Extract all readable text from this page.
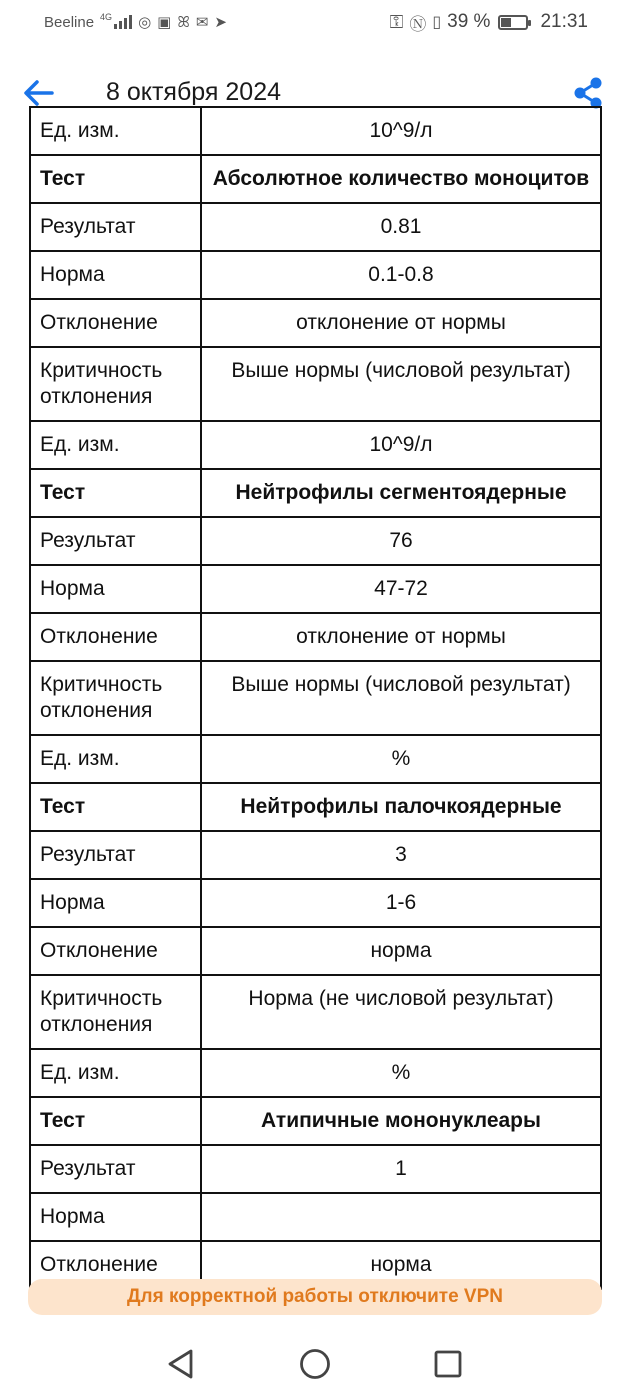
Beeline 4G ◎ ▣ ꕤ ✉ ➤	⚿ Ⓝ ▯ 39 %	21:31
8 октября 2024
Ед. изм.	10^9/л
Тест	Абсолютное количество моноцитов
Результат	0.81
Норма	0.1-0.8
Отклонение	отклонение от нормы
Критичность отклонения	Выше нормы (числовой результат)
Ед. изм.	10^9/л
Тест	Нейтрофилы сегментоядерные
Результат	76
Норма	47-72
Отклонение	отклонение от нормы
Критичность отклонения	Выше нормы (числовой результат)
Ед. изм.	%
Тест	Нейтрофилы палочкоядерные
Результат	3
Норма	1-6
Отклонение	норма
Критичность отклонения	Норма (не числовой результат)
Ед. изм.	%
Тест	Атипичные мононуклеары
Результат	1
Норма	
Отклонение	норма
Для корректной работы отключите VPN
